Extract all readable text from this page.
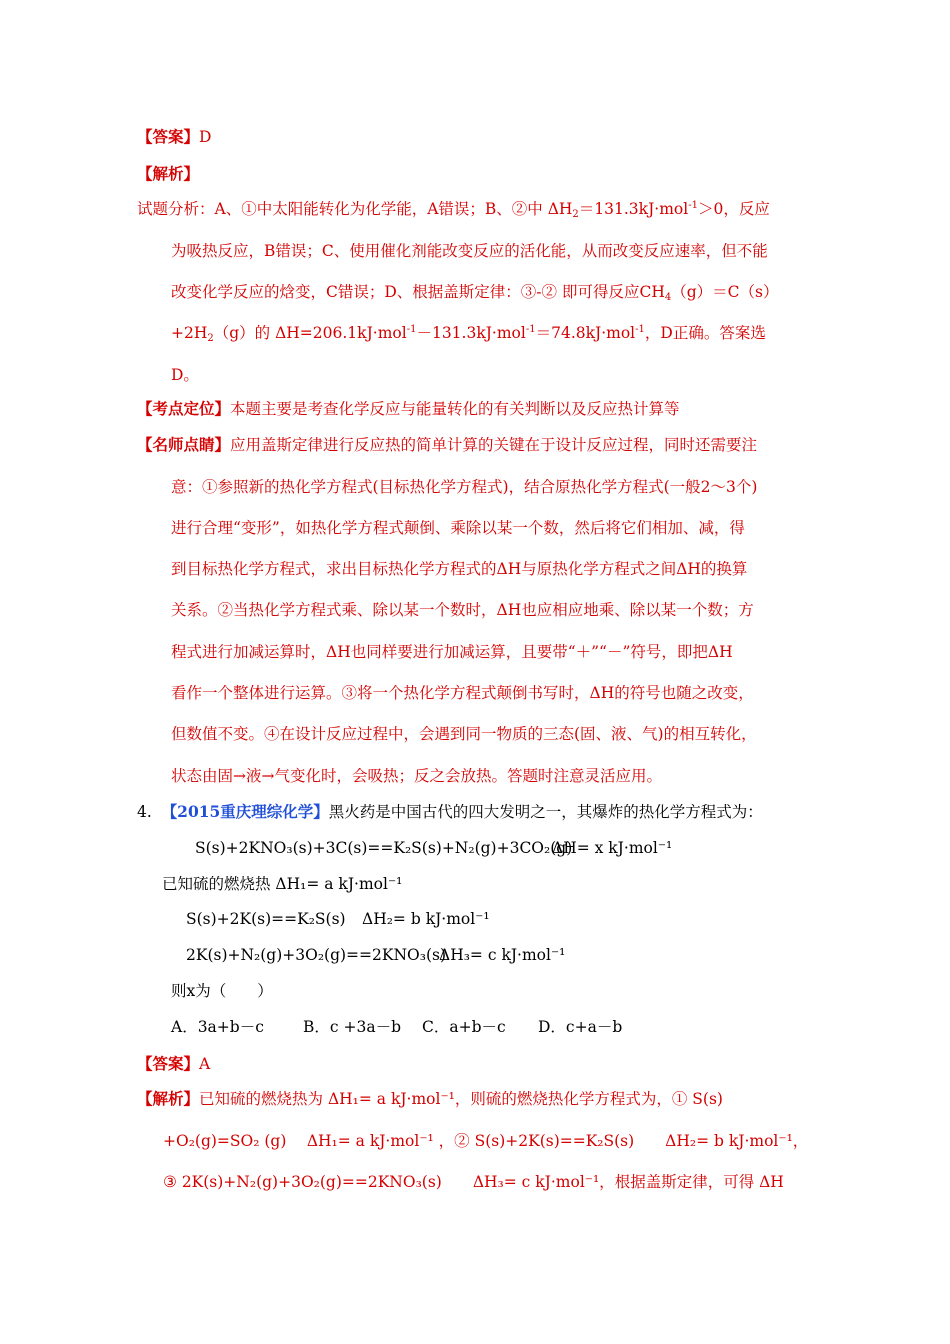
【答案】D
【解析】
试题分析：A、①中太阳能转化为化学能，A错误；B、②中 $\Delta H_2=131.3kJ\cdot mol^{-1}>0$，反应
为吸热反应，B错误；C、使用催化剂能改变反应的活化能，从而改变反应速率，但不能
改变化学反应的焓变，C错误；D、根据盖斯定律：③-② 即可得反应$CH_4(g)=C(s)$
$+2H_2(g)$的 ΔH=206.1kJ·mol$^{-1}$－131.3kJ·mol$^{-1}$＝74.8kJ·mol$^{-1}$，D正确。答案选
D。
【考点定位】本题主要是考查化学反应与能量转化的有关判断以及反应热计算等
【名师点睛】应用盖斯定律进行反应热的简单计算的关键在于设计反应过程，同时还需要注
意：①参照新的热化学方程式(目标热化学方程式)，结合原热化学方程式(一般2～3个)
进行合理“变形”，如热化学方程式颠倒、乘除以某一个数，然后将它们相加、减，得
到目标热化学方程式，求出目标热化学方程式的ΔH与原热化学方程式之间ΔH的换算
关系。②当热化学方程式乘、除以某一个数时，ΔH也应相应地乘、除以某一个数；方
程式进行加减运算时，ΔH也同样要进行加减运算，且要带“＋”“－”符号，即把ΔH
看作一个整体进行运算。③将一个热化学方程式颠倒书写时，ΔH的符号也随之改变，
但数值不变。④在设计反应过程中，会遇到同一物质的三态(固、液、气)的相互转化，
状态由固→液→气变化时，会吸热；反之会放热。答题时注意灵活应用。
4. 【2015重庆理综化学】黑火药是中国古代的四大发明之一，其爆炸的热化学方程式为：
S(s)+2KNO₃(s)+3C(s)==K₂S(s)+N₂(g)+3CO₂(g)
ΔH= x kJ·mol⁻¹
已知硫的燃烧热 ΔH₁= a kJ·mol⁻¹
S(s)+2K(s)==K₂S(s) ΔH₂= b kJ·mol⁻¹
2K(s)+N₂(g)+3O₂(g)==2KNO₃(s)
ΔH₃= c kJ·mol⁻¹
则x为（　　）
A．3a+b－c	B．c +3a－b C．a+b－c D．c+a－b
【答案】A
【解析】已知硫的燃烧热为 ΔH₁= a kJ·mol⁻¹，则硫的燃烧热化学方程式为，① S(s)
+O₂(g)=SO₂ (g)　 ΔH₁= a kJ·mol⁻¹ ，② S(s)+2K(s)==K₂S(s)　　ΔH₂= b kJ·mol⁻¹，
③ 2K(s)+N₂(g)+3O₂(g)==2KNO₃(s)　　ΔH₃= c kJ·mol⁻¹，根据盖斯定律，可得 ΔH
